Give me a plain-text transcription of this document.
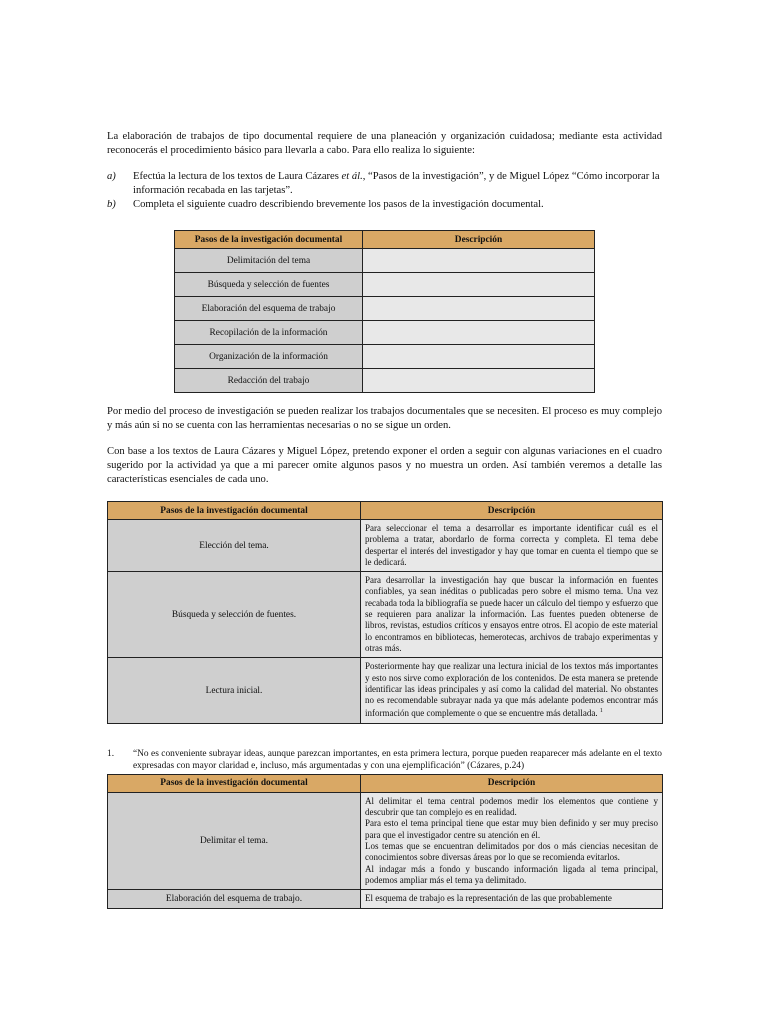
La elaboración de trabajos de tipo documental requiere de una planeación y organización cuidadosa; mediante esta actividad reconocerás el procedimiento básico para llevarla a cabo. Para ello realiza lo siguiente:

a)	Efectúa la lectura de los textos de Laura Cázares et ál., “Pasos de la investigación”, y de Miguel López “Cómo incorporar la información recabada en las tarjetas”.
b)	Completa el siguiente cuadro describiendo brevemente los pasos de la investigación documental.
Pasos de la investigación documental	Descripción
Delimitación del tema	
Búsqueda y selección de fuentes	
Elaboración del esquema de trabajo	
Recopilación de la información	
Organización de la información	
Redacción del trabajo	

Por medio del proceso de investigación se pueden realizar los trabajos documentales que se necesiten. El proceso es muy complejo y más aún si no se cuenta con las herramientas necesarias o no se sigue un orden.

Con base a los textos de Laura Cázares y Miguel López, pretendo exponer el orden a seguir con algunas variaciones en el cuadro sugerido por la actividad ya que a mi parecer omite algunos pasos y no muestra un orden. Así también veremos a detalle las características esenciales de cada uno.

Pasos de la investigación documental	Descripción
Elección del tema.	Para seleccionar el tema a desarrollar es importante identificar cuál es el problema a tratar, abordarlo de forma correcta y completa. El tema debe despertar el interés del investigador y hay que tomar en cuenta el tiempo que se le dedicará.
Búsqueda y selección de fuentes.	Para desarrollar la investigación hay que buscar la información en fuentes confiables, ya sean inéditas o publicadas pero sobre el mismo tema. Una vez recabada toda la bibliografía se puede hacer un cálculo del tiempo y esfuerzo que se requieren para analizar la información. Las fuentes pueden obtenerse de libros, revistas, estudios críticos y ensayos entre otros. El acopio de este material lo encontramos en bibliotecas, hemerotecas, archivos de trabajo experimentas y otras más.
Lectura inicial.	Posteriormente hay que realizar una lectura inicial de los textos más importantes y esto nos sirve como exploración de los contenidos. De esta manera se pretende identificar las ideas principales y así como la calidad del material. No obstantes no es recomendable subrayar nada ya que más adelante podemos encontrar más información que complemente o que se encuentre más detallada. $^1$
1.	“No es conveniente subrayar ideas, aunque parezcan importantes, en esta primera lectura, porque pueden reaparecer más adelante en el texto expresadas con mayor claridad e, incluso, más argumentadas y con una ejemplificación” (Cázares, p.24)
Pasos de la investigación documental	Descripción
Delimitar el tema.	Al delimitar el tema central podemos medir los elementos que contiene y descubrir que tan complejo es en realidad.
Para esto el tema principal tiene que estar muy bien definido y ser muy preciso para que el investigador centre su atención en él.
Los temas que se encuentran delimitados por dos o más ciencias necesitan de conocimientos sobre diversas áreas por lo que se recomienda evitarlos.
Al indagar más a fondo y buscando información ligada al tema principal, podemos ampliar más el tema ya delimitado.

Elaboración del esquema de trabajo.	El esquema de trabajo es la representación de las que probablemente
